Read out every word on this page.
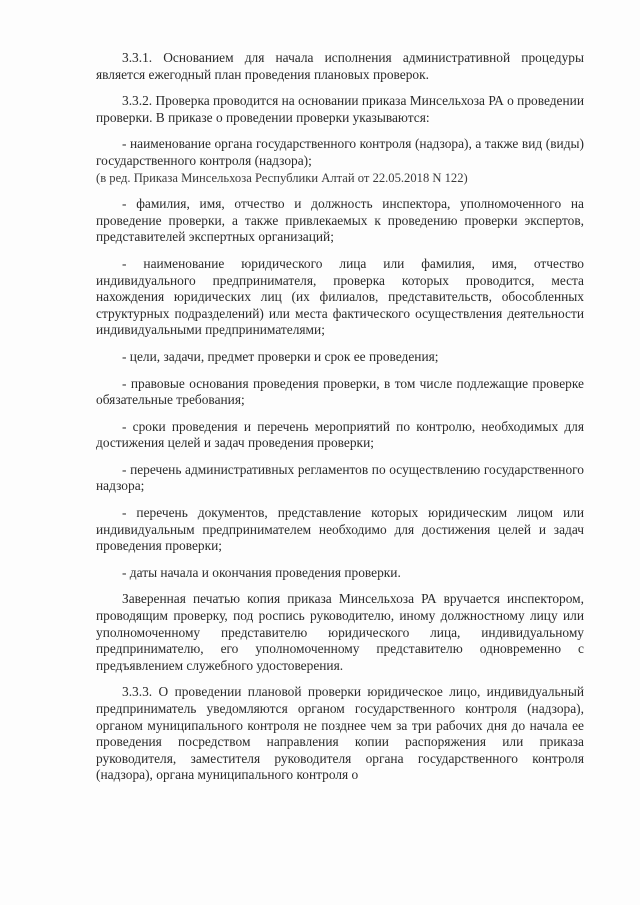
3.3.1. Основанием для начала исполнения административной процедуры является ежегодный план проведения плановых проверок.

3.3.2. Проверка проводится на основании приказа Минсельхоза РА о проведении проверки. В приказе о проведении проверки указываются:

- наименование органа государственного контроля (надзора), а также вид (виды) государственного контроля (надзора);

(в ред. Приказа Минсельхоза Республики Алтай от 22.05.2018 N 122)

- фамилия, имя, отчество и должность инспектора, уполномоченного на проведение проверки, а также привлекаемых к проведению проверки экспертов, представителей экспертных организаций;

- наименование юридического лица или фамилия, имя, отчество индивидуального предпринимателя, проверка которых проводится, места нахождения юридических лиц (их филиалов, представительств, обособленных структурных подразделений) или места фактического осуществления деятельности индивидуальными предпринимателями;

- цели, задачи, предмет проверки и срок ее проведения;

- правовые основания проведения проверки, в том числе подлежащие проверке обязательные требования;

- сроки проведения и перечень мероприятий по контролю, необходимых для достижения целей и задач проведения проверки;

- перечень административных регламентов по осуществлению государственного надзора;

- перечень документов, представление которых юридическим лицом или индивидуальным предпринимателем необходимо для достижения целей и задач проведения проверки;

- даты начала и окончания проведения проверки.

Заверенная печатью копия приказа Минсельхоза РА вручается инспектором, проводящим проверку, под роспись руководителю, иному должностному лицу или уполномоченному представителю юридического лица, индивидуальному предпринимателю, его уполномоченному представителю одновременно с предъявлением служебного удостоверения.

3.3.3. О проведении плановой проверки юридическое лицо, индивидуальный предприниматель уведомляются органом государственного контроля (надзора), органом муниципального контроля не позднее чем за три рабочих дня до начала ее проведения посредством направления копии распоряжения или приказа руководителя, заместителя руководителя органа государственного контроля (надзора), органа муниципального контроля о
